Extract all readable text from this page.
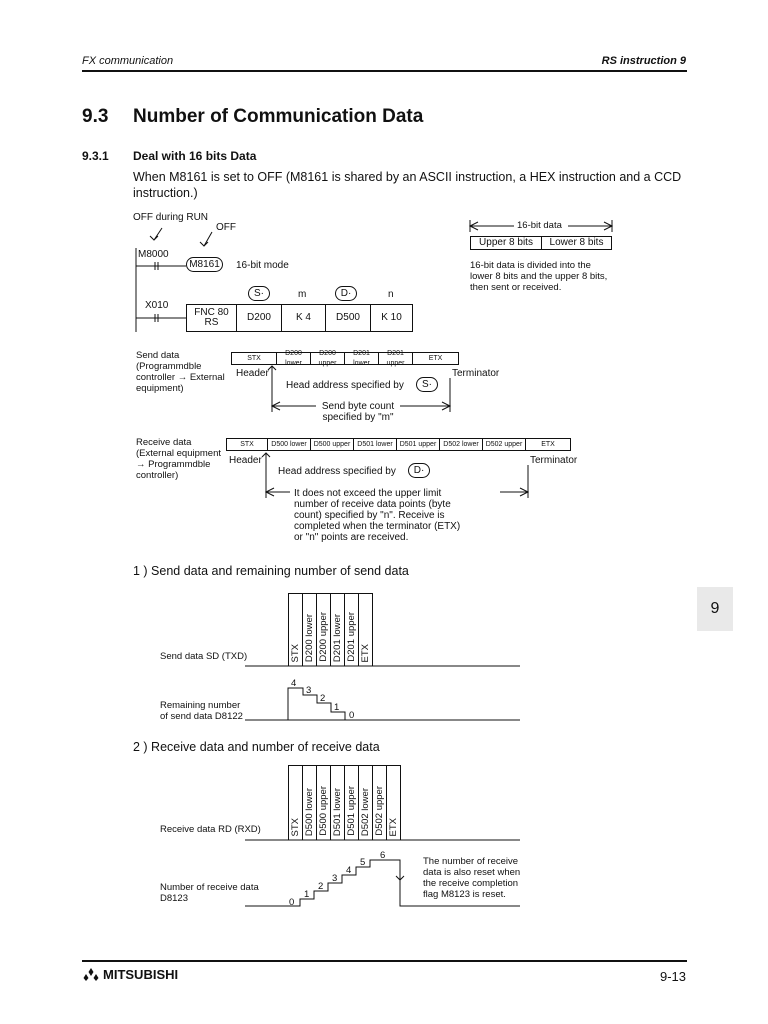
FX communication	RS instruction 9
9.3 Number of Communication Data
9.3.1 Deal with 16 bits Data
When M8161 is set to OFF (M8161 is shared by an ASCII instruction, a HEX instruction and a CCD instruction.)
OFF during RUN
OFF
M8000
M8161	16-bit mode
X010
S·	m	D·	n
FNC 80
RS	D200	K 4	D500	K 10
16-bit data
Upper 8 bits	Lower 8 bits
16-bit data is divided into the lower 8 bits and the upper 8 bits, then sent or received.
Send data (Programmdble controller → External equipment)
STX
D200 lower
D200 upper
D201 lower
D201 upper
ETX
Header	Terminator
Head address specified by	S·
Send byte count specified by "m"
Receive data (External equipment → Programmdble controller)
STX	D500 lower	D500 upper D501 lower	D501 upper D502 lower	D502 upper	ETX
Header	Terminator
Head address specified by	D·
It does not exceed the upper limit number of receive data points (byte count) specified by "n". Receive is completed when the terminator (ETX) or "n" points are received.
1 ) Send data and remaining number of send data
Send data SD (TXD)	STX D200 lower D200 upper D201 lower D201 upper ETX
Remaining number of send data D8122
2 ) Receive data and number of receive data
Receive data RD (RXD)	STX D500 lower D500 upper D501 lower D501 upper D502 lower D502 upper ETX
Number of receive data D8123
The number of receive data is also reset when the receive completion flag M8123 is reset.
9
MITSUBISHI	9-13
4
3
2
1
0
0
1
2
3
4
5
6
